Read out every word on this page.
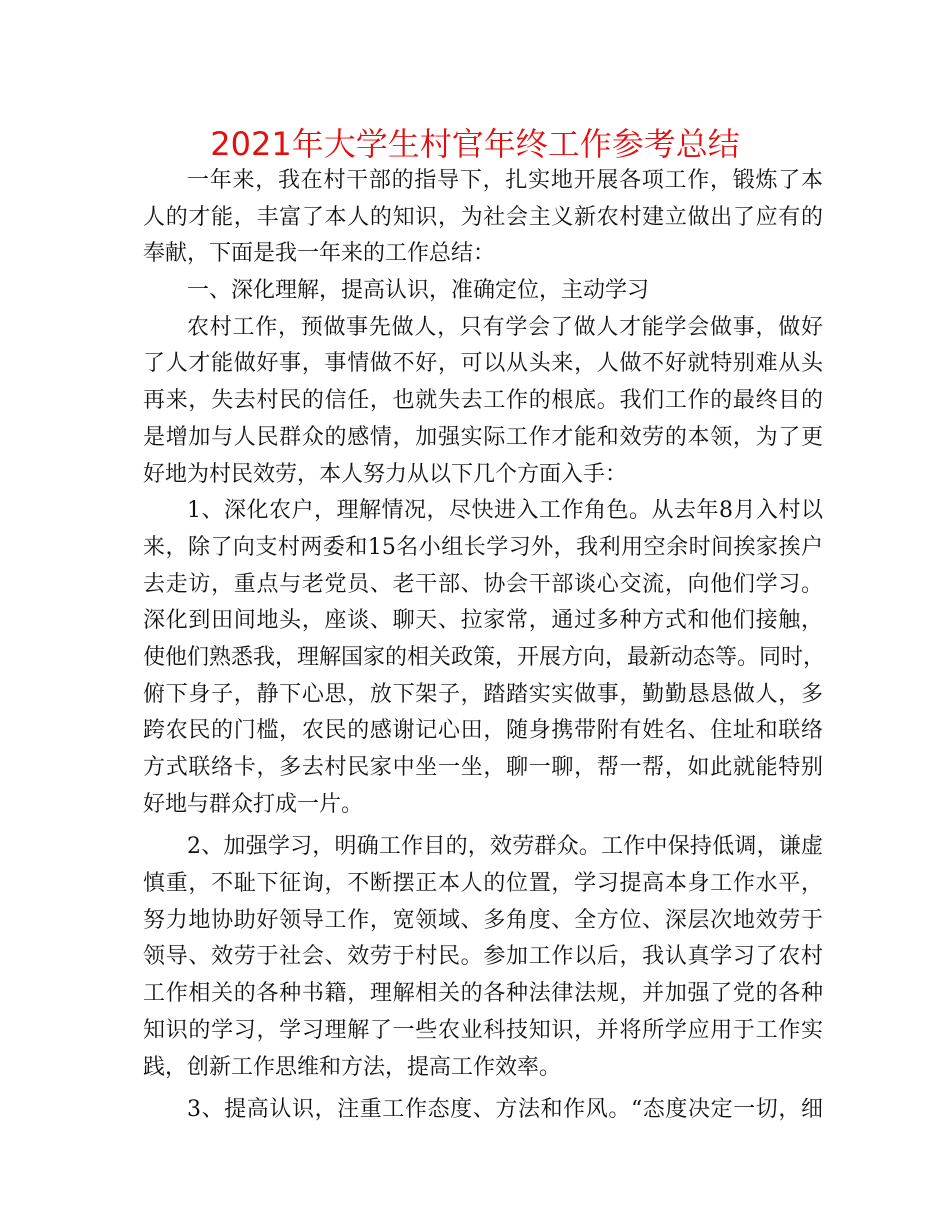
2021年大学生村官年终工作参考总结
一年来，我在村干部的指导下，扎实地开展各项工作，锻炼了本
人的才能，丰富了本人的知识，为社会主义新农村建立做出了应有的
奉献，下面是我一年来的工作总结：
一、深化理解，提高认识，准确定位，主动学习
农村工作，预做事先做人，只有学会了做人才能学会做事，做好
了人才能做好事，事情做不好，可以从头来，人做不好就特别难从头
再来，失去村民的信任，也就失去工作的根底。我们工作的最终目的
是增加与人民群众的感情，加强实际工作才能和效劳的本领，为了更
好地为村民效劳，本人努力从以下几个方面入手：
1、深化农户，理解情况，尽快进入工作角色。从去年8月入村以
来，除了向支村两委和15名小组长学习外，我利用空余时间挨家挨户
去走访，重点与老党员、老干部、协会干部谈心交流，向他们学习。
深化到田间地头，座谈、聊天、拉家常，通过多种方式和他们接触，
使他们熟悉我，理解国家的相关政策，开展方向，最新动态等。同时，
俯下身子，静下心思，放下架子，踏踏实实做事，勤勤恳恳做人，多
跨农民的门槛，农民的感谢记心田，随身携带附有姓名、住址和联络
方式联络卡，多去村民家中坐一坐，聊一聊，帮一帮，如此就能特别
好地与群众打成一片。
2、加强学习，明确工作目的，效劳群众。工作中保持低调，谦虚
慎重，不耻下征询，不断摆正本人的位置，学习提高本身工作水平，
努力地协助好领导工作，宽领域、多角度、全方位、深层次地效劳于
领导、效劳于社会、效劳于村民。参加工作以后，我认真学习了农村
工作相关的各种书籍，理解相关的各种法律法规，并加强了党的各种
知识的学习，学习理解了一些农业科技知识，并将所学应用于工作实
践，创新工作思维和方法，提高工作效率。
3、提高认识，注重工作态度、方法和作风。“态度决定一切，细
